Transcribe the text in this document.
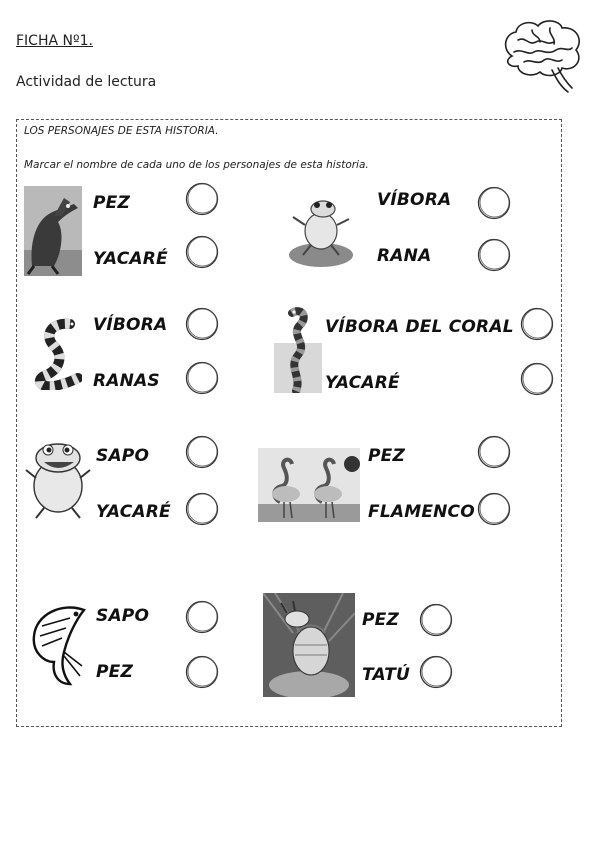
FICHA Nº1.
Actividad de lectura
LOS PERSONAJES DE ESTA HISTORIA.
Marcar el nombre de cada uno de los personajes de esta historia.
PEZ
YACARÉ
VÍBORA
RANA
VÍBORA
RANAS
VÍBORA DEL CORAL
YACARÉ
SAPO
YACARÉ
PEZ
FLAMENCO
SAPO
PEZ
PEZ
TATÚ
